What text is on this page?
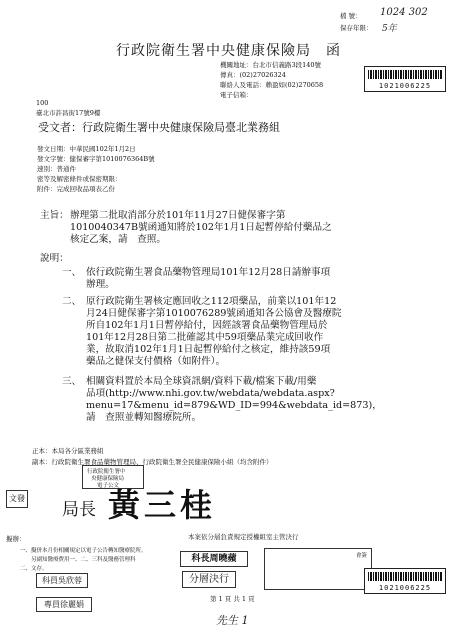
檔 號： 1024 302
保存年限： 5年
行政院衛生署中央健康保險局 函
機關地址：台北市信義路3段140號
傳真：(02)27026324
聯絡人及電話：賴盈如(02)270658
電子信箱：
1021006225
100
臺北市許昌街17號9樓
受文者：行政院衛生署中央健康保險局臺北業務組
發文日期：中華民國102年1月2日
發文字號：健保審字第1010076364B號
速別：普通件
密等及解密條件或保密期限：
附件：完成回收品項表乙份
主旨： 辦理第二批取消部分於101年11月27日健保審字第
1010040347B號函通知將於102年1月1日起暫停給付藥品之
核定乙案，請　查照。
說明：
一、 依行政院衛生署食品藥物管理局101年12月28日請辦事項
辦理。
二、 原行政院衛生署核定應回收之112項藥品，前業以101年12
月24日健保審字第1010076289號函通知各公協會及醫療院
所自102年1月1日暫停給付，因經該署食品藥物管理局於
101年12月28日第二批確認其中59項藥品業完成回收作
業，故取消102年1月1日起暫停給付之核定，維持該59項
藥品之健保支付價格（如附件）。
三、 相關資料置於本局全球資訊網/資料下載/檔案下載/用藥
品項(http://www.nhi.gov.tw/webdata/webdata.aspx?
menu=17&menu_id=879&WD_ID=994&webdata_id=873)，
請　查照並轉知醫療院所。
正本：本局各分區業務組
副本：行政院衛生署食品藥物管理局、行政院衛生署全民健康保險小組（均含附件）
行政院衛生署中
央健康保險局
電子公文
文發
局長 黃三桂
本案依分層負責規定授權組室主管決行
擬辦：
一、擬併本月份相關規定以電子公告轉知醫療院所。
　　另副知醫療費用一、二、三科及醫務管理科
二、文存。
科員吳欣蓉
專員徐麗娟
科長周曉蘋
分層決行
會簽
第 1 頁 共 1 頁
先生 1
1021006225
